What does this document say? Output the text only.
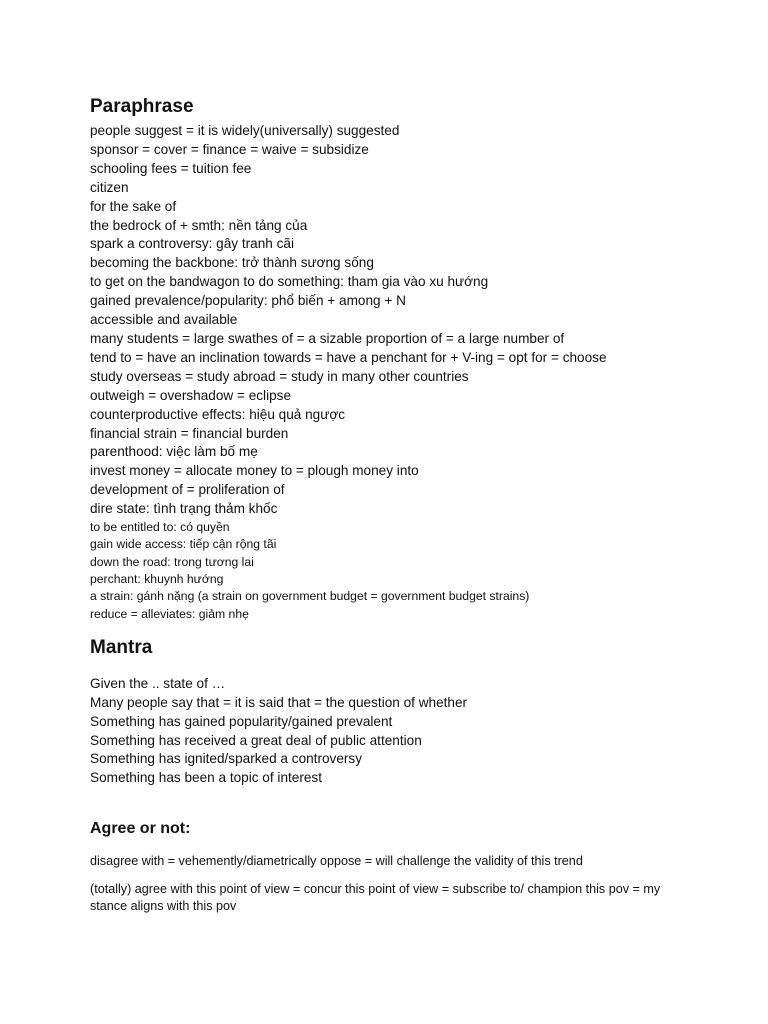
Paraphrase
people suggest = it is widely(universally) suggested
sponsor = cover = finance = waive = subsidize
schooling fees = tuition fee
citizen
for the sake of
the bedrock of + smth: nền tảng của
spark a controversy: gây tranh cãi
becoming the backbone: trở thành sương sống
to get on the bandwagon to do something: tham gia vào xu hướng
gained prevalence/popularity: phổ biến + among + N
accessible and available
many students = large swathes of = a sizable proportion of = a large number of
tend to = have an inclination towards = have a penchant for + V-ing = opt for = choose
study overseas = study abroad = study in many other countries
outweigh = overshadow = eclipse
counterproductive effects: hiệu quả ngược
financial strain = financial burden
parenthood: việc làm bố mẹ
invest money = allocate money to = plough money into
development of = proliferation of
dire state: tình trạng thảm khốc
to be entitled to: có quyền
gain wide access: tiếp cận rộng tãi
down the road: trong tương lai
perchant: khuynh hướng
a strain: gánh nặng (a strain on government budget = government budget strains)
reduce = alleviates: giảm nhẹ
Mantra
Given the .. state of …
Many people say that = it is said that = the question of whether
Something has gained popularity/gained prevalent
Something has received a great deal of public attention
Something has ignited/sparked a controversy
Something has been a topic of interest
Agree or not:

disagree with = vehemently/diametrically oppose = will challenge the validity of this trend

(totally) agree with this point of view = concur this point of view = subscribe to/ champion this pov = my stance aligns with this pov
